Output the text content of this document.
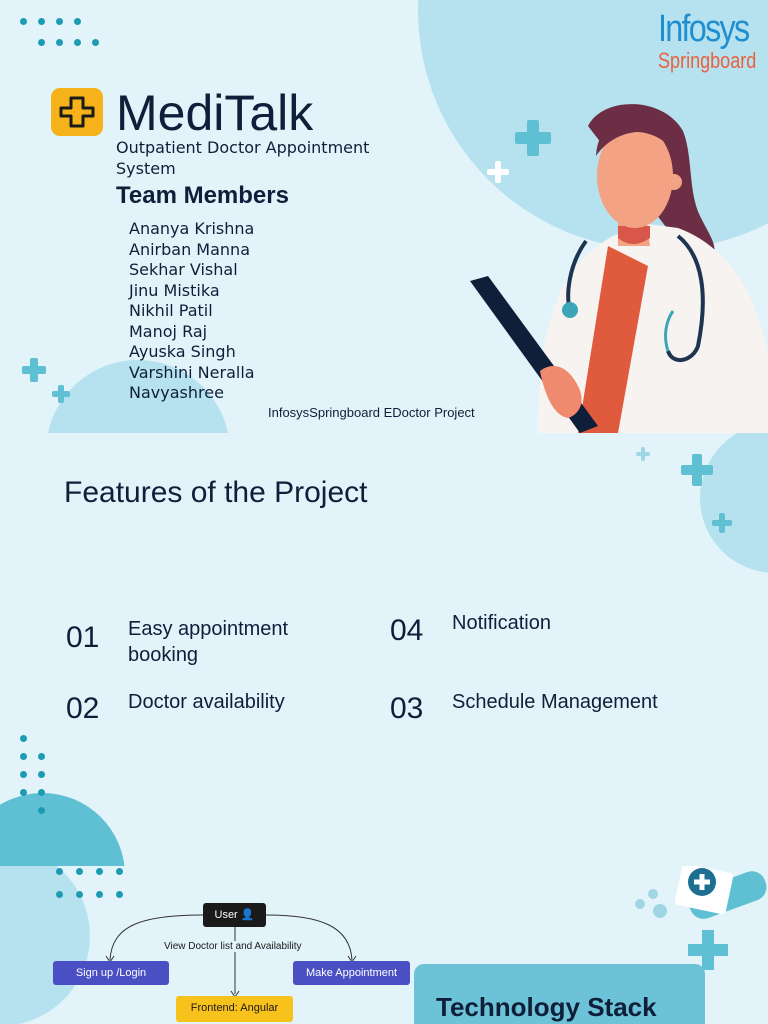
Infosys
Springboard
MediTalk
Outpatient Doctor Appointment System
Team Members
Ananya Krishna
Anirban Manna
Sekhar Vishal
Jinu Mistika
Nikhil Patil
Manoj Raj
Ayuska Singh
Varshini Neralla
Navyashree
InfosysSpringboard EDoctor Project
Features of the Project
01 Easy appointment booking
04 Notification
02 Doctor availability	03 Schedule Management
User 👤
View Doctor list and Availability
Sign up /Login	Make Appointment
Frontend: Angular	Technology Stack
